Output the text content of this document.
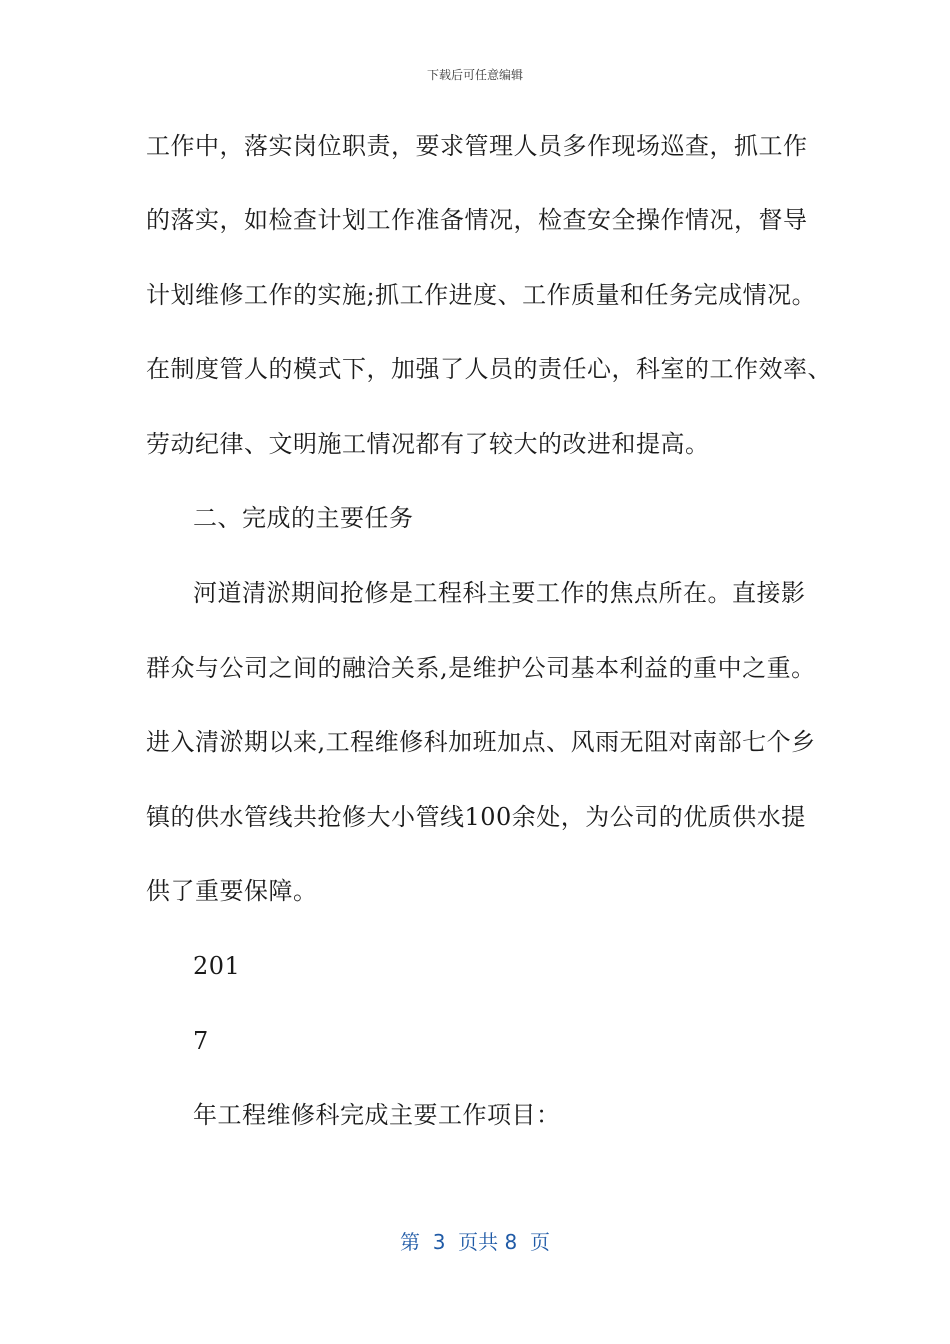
下载后可任意编辑
工作中，落实岗位职责，要求管理人员多作现场巡查，抓工作
的落实，如检查计划工作准备情况，检查安全操作情况，督导
计划维修工作的实施;抓工作进度、工作质量和任务完成情况。
在制度管人的模式下，加强了人员的责任心，科室的工作效率、
劳动纪律、文明施工情况都有了较大的改进和提高。
二、完成的主要任务
河道清淤期间抢修是工程科主要工作的焦点所在。直接影
群众与公司之间的融洽关系,是维护公司基本利益的重中之重。
进入清淤期以来,工程维修科加班加点、风雨无阻对南部七个乡
镇的供水管线共抢修大小管线100余处，为公司的优质供水提
供了重要保障。
201
7
年工程维修科完成主要工作项目：
第  3  页共 8  页
